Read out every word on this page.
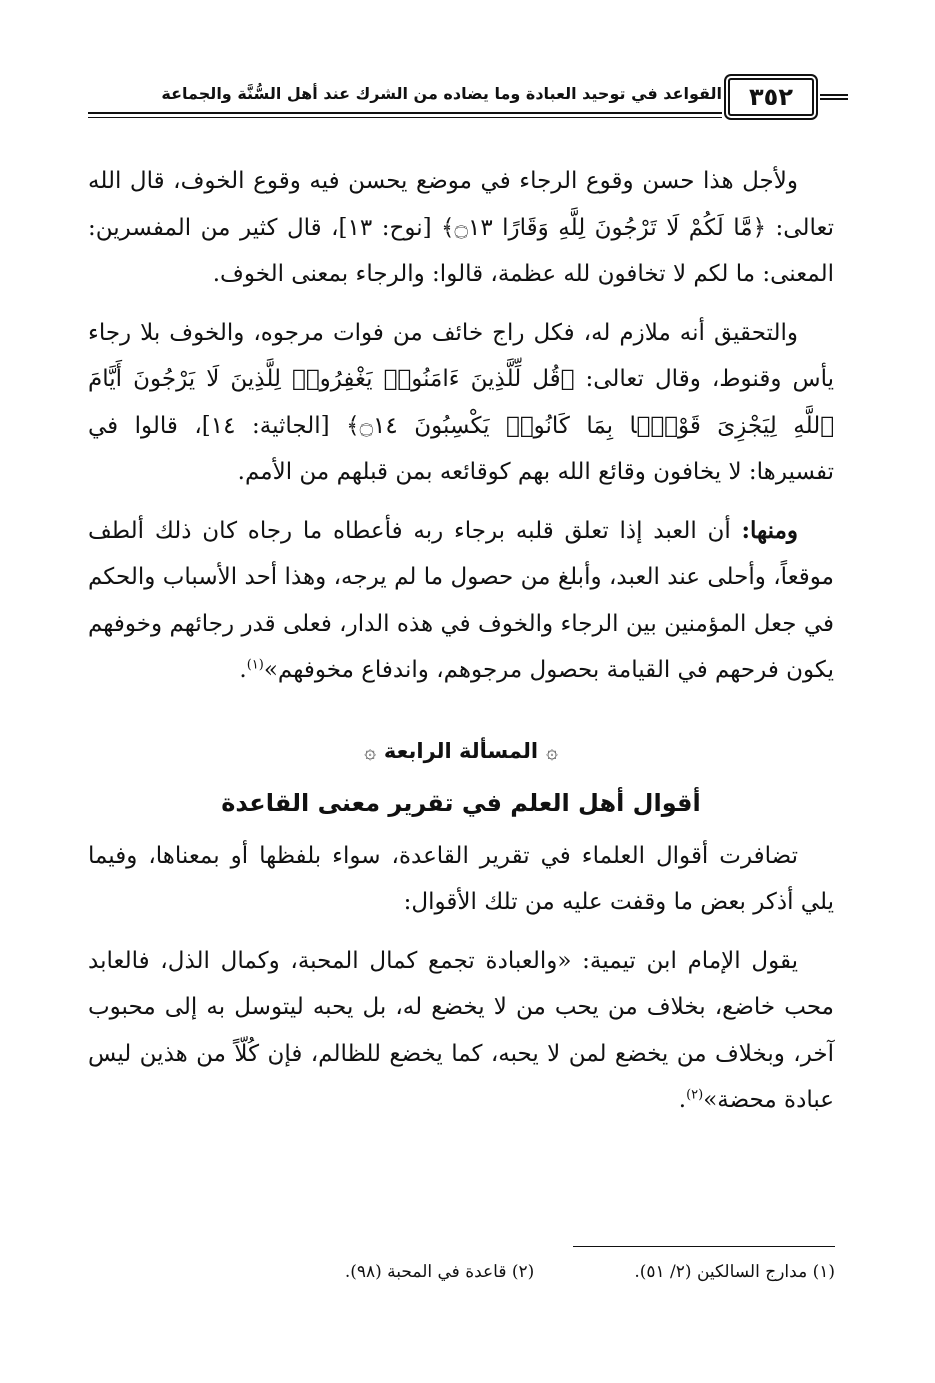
٣٥٢
القواعد في توحيد العبادة وما يضاده من الشرك عند أهل السُّنَّة والجماعة

ولأجل هذا حسن وقوع الرجاء في موضع يحسن فيه وقوع الخوف، قال الله تعالى: ﴿مَّا لَكُمْ لَا تَرْجُونَ لِلَّهِ وَقَارًا ۝١٣﴾ [نوح: ١٣]، قال كثير من المفسرين: المعنى: ما لكم لا تخافون لله عظمة، قالوا: والرجاء بمعنى الخوف.

والتحقيق أنه ملازم له، فكل راج خائف من فوات مرجوه، والخوف بلا رجاء يأس وقنوط، وقال تعالى: ﴿قُل لِّلَّذِينَ ءَامَنُوا۟ يَغْفِرُوا۟ لِلَّذِينَ لَا يَرْجُونَ أَيَّامَ ٱللَّهِ لِيَجْزِىَ قَوْمًۢا بِمَا كَانُوا۟ يَكْسِبُونَ ۝١٤﴾ [الجاثية: ١٤]، قالوا في تفسيرها: لا يخافون وقائع الله بهم كوقائعه بمن قبلهم من الأمم.

ومنها: أن العبد إذا تعلق قلبه برجاء ربه فأعطاه ما رجاه كان ذلك ألطف موقعاً، وأحلى عند العبد، وأبلغ من حصول ما لم يرجه، وهذا أحد الأسباب والحكم في جعل المؤمنين بين الرجاء والخوف في هذه الدار، فعلى قدر رجائهم وخوفهم يكون فرحهم في القيامة بحصول مرجوهم، واندفاع مخوفهم»$^{(١)}$.

۞المسألة الرابعة۞
أقوال أهل العلم في تقرير معنى القاعدة

تضافرت أقوال العلماء في تقرير القاعدة، سواء بلفظها أو بمعناها، وفيما يلي أذكر بعض ما وقفت عليه من تلك الأقوال:

يقول الإمام ابن تيمية: «والعبادة تجمع كمال المحبة، وكمال الذل، فالعابد محب خاضع، بخلاف من يحب من لا يخضع له، بل يحبه ليتوسل به إلى محبوب آخر، وبخلاف من يخضع لمن لا يحبه، كما يخضع للظالم، فإن كُلّاً من هذين ليس عبادة محضة»$^{(٢)}$.

(١) مدارج السالكين (٢/ ٥١).
(٢) قاعدة في المحبة (٩٨).
